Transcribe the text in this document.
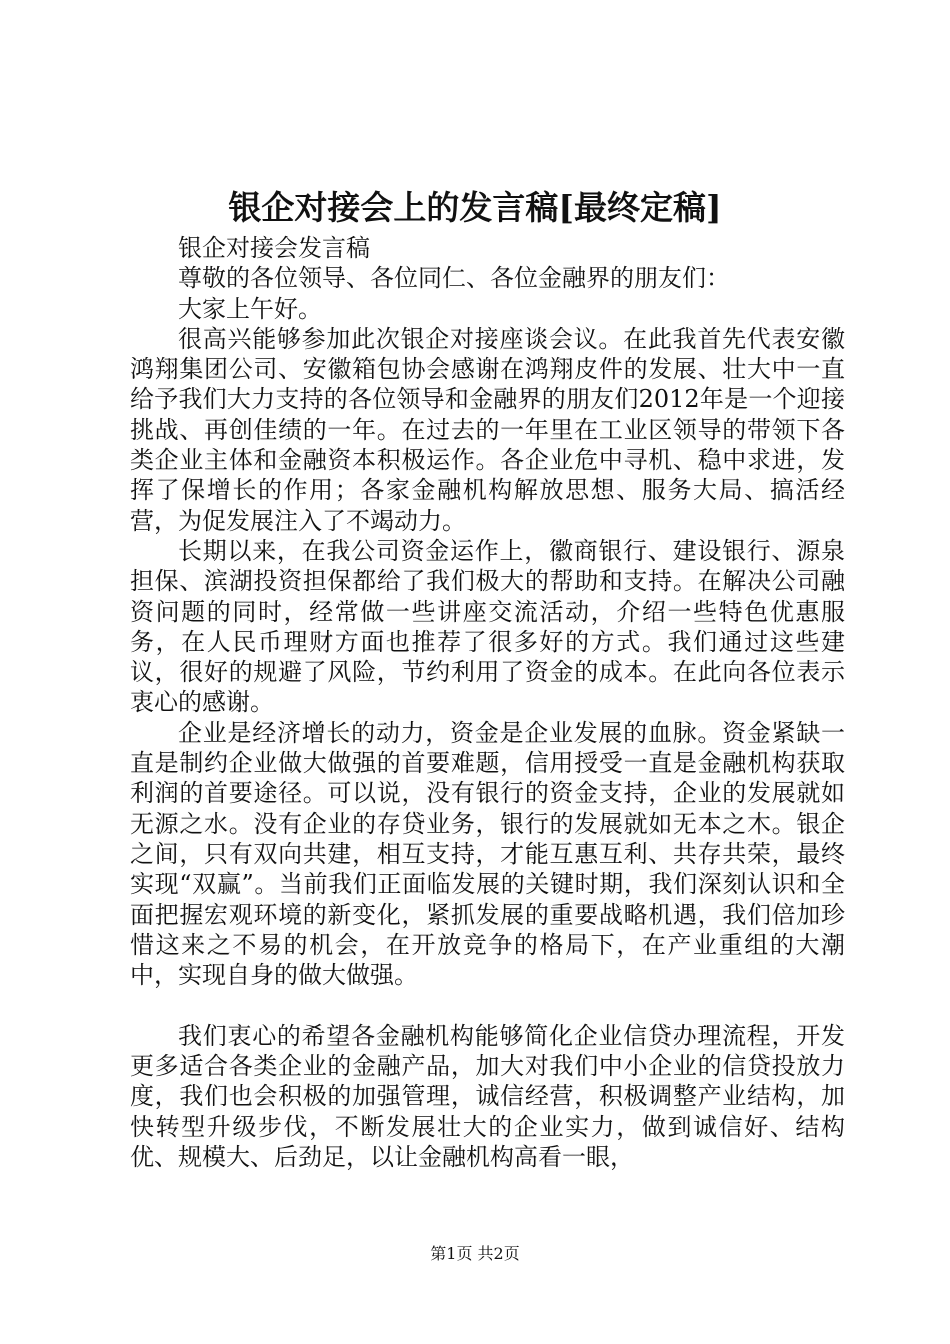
银企对接会上的发言稿[最终定稿]

银企对接会发言稿

尊敬的各位领导、各位同仁、各位金融界的朋友们：

大家上午好。

很高兴能够参加此次银企对接座谈会议。在此我首先代表安徽鸿翔集团公司、安徽箱包协会感谢在鸿翔皮件的发展、壮大中一直给予我们大力支持的各位领导和金融界的朋友们2012年是一个迎接挑战、再创佳绩的一年。在过去的一年里在工业区领导的带领下各类企业主体和金融资本积极运作。各企业危中寻机、稳中求进，发挥了保增长的作用；各家金融机构解放思想、服务大局、搞活经营，为促发展注入了不竭动力。

长期以来，在我公司资金运作上，徽商银行、建设银行、源泉担保、滨湖投资担保都给了我们极大的帮助和支持。在解决公司融资问题的同时，经常做一些讲座交流活动，介绍一些特色优惠服务，在人民币理财方面也推荐了很多好的方式。我们通过这些建议，很好的规避了风险，节约利用了资金的成本。在此向各位表示衷心的感谢。

企业是经济增长的动力，资金是企业发展的血脉。资金紧缺一直是制约企业做大做强的首要难题，信用授受一直是金融机构获取利润的首要途径。可以说，没有银行的资金支持，企业的发展就如无源之水。没有企业的存贷业务，银行的发展就如无本之木。银企之间，只有双向共建，相互支持，才能互惠互利、共存共荣，最终实现“双赢”。当前我们正面临发展的关键时期，我们深刻认识和全面把握宏观环境的新变化，紧抓发展的重要战略机遇，我们倍加珍惜这来之不易的机会，在开放竞争的格局下，在产业重组的大潮中，实现自身的做大做强。

我们衷心的希望各金融机构能够简化企业信贷办理流程，开发更多适合各类企业的金融产品，加大对我们中小企业的信贷投放力度，我们也会积极的加强管理，诚信经营，积极调整产业结构，加快转型升级步伐，不断发展壮大的企业实力，做到诚信好、结构优、规模大、后劲足，以让金融机构高看一眼，

第1页 共2页
